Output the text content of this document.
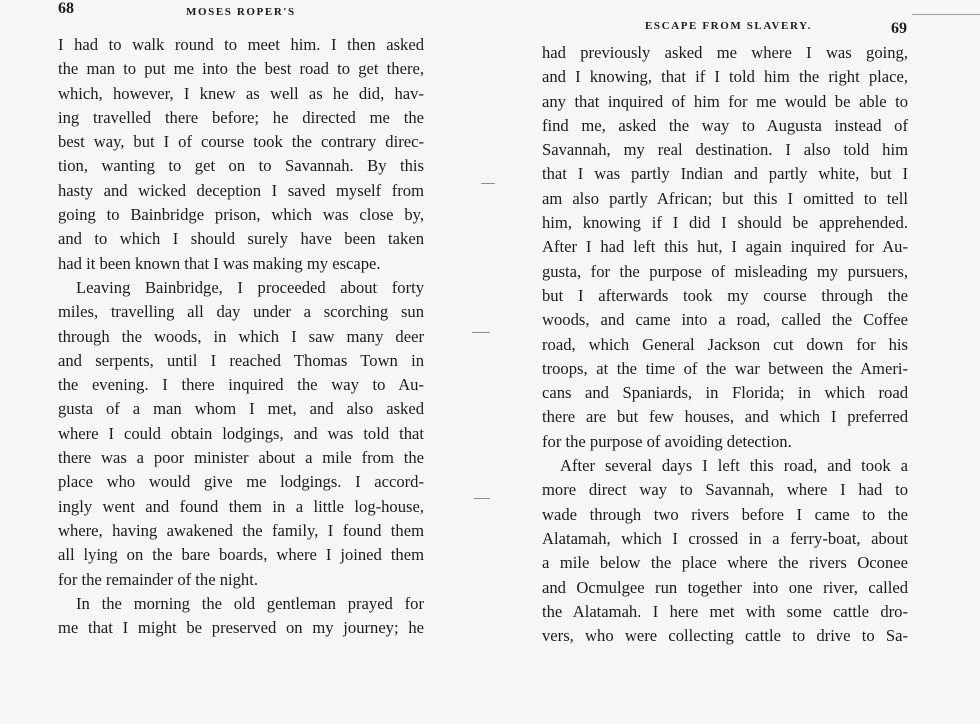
68	MOSES ROPER'S
I had to walk round to meet him. I then asked
the man to put me into the best road to get there,
which, however, I knew as well as he did, hav-
ing travelled there before; he directed me the
best way, but I of course took the contrary direc-
tion, wanting to get on to Savannah. By this
hasty and wicked deception I saved myself from
going to Bainbridge prison, which was close by,
and to which I should surely have been taken
had it been known that I was making my escape.
Leaving Bainbridge, I proceeded about forty
miles, travelling all day under a scorching sun
through the woods, in which I saw many deer
and serpents, until I reached Thomas Town in
the evening. I there inquired the way to Au-
gusta of a man whom I met, and also asked
where I could obtain lodgings, and was told that
there was a poor minister about a mile from the
place who would give me lodgings. I accord-
ingly went and found them in a little log-house,
where, having awakened the family, I found them
all lying on the bare boards, where I joined them
for the remainder of the night.
In the morning the old gentleman prayed for
me that I might be preserved on my journey; he
ESCAPE FROM SLAVERY.	69
had previously asked me where I was going,
and I knowing, that if I told him the right place,
any that inquired of him for me would be able to
find me, asked the way to Augusta instead of
Savannah, my real destination. I also told him
that I was partly Indian and partly white, but I
am also partly African; but this I omitted to tell
him, knowing if I did I should be apprehended.
After I had left this hut, I again inquired for Au-
gusta, for the purpose of misleading my pursuers,
but I afterwards took my course through the
woods, and came into a road, called the Coffee
road, which General Jackson cut down for his
troops, at the time of the war between the Ameri-
cans and Spaniards, in Florida; in which road
there are but few houses, and which I preferred
for the purpose of avoiding detection.
After several days I left this road, and took a
more direct way to Savannah, where I had to
wade through two rivers before I came to the
Alatamah, which I crossed in a ferry-boat, about
a mile below the place where the rivers Oconee
and Ocmulgee run together into one river, called
the Alatamah. I here met with some cattle dro-
vers, who were collecting cattle to drive to Sa-
